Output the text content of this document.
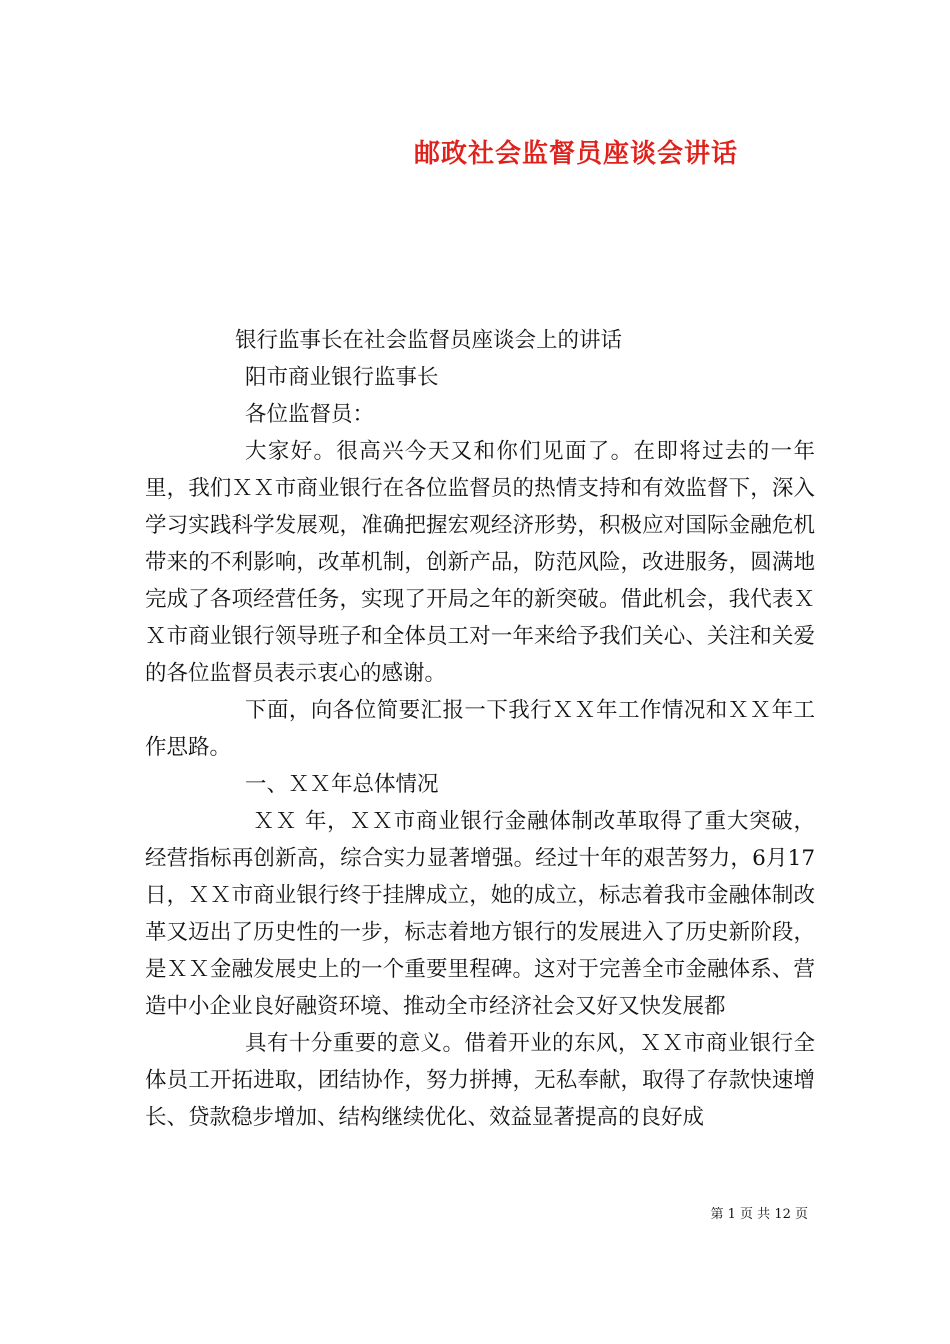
邮政社会监督员座谈会讲话

银行监事长在社会监督员座谈会上的讲话

阳市商业银行监事长

各位监督员：

大家好。很高兴今天又和你们见面了。在即将过去的一年里，我们ＸＸ市商业银行在各位监督员的热情支持和有效监督下，深入学习实践科学发展观，准确把握宏观经济形势，积极应对国际金融危机带来的不利影响，改革机制，创新产品，防范风险，改进服务，圆满地完成了各项经营任务，实现了开局之年的新突破。借此机会，我代表ＸＸ市商业银行领导班子和全体员工对一年来给予我们关心、关注和关爱的各位监督员表示衷心的感谢。

下面，向各位简要汇报一下我行ＸＸ年工作情况和ＸＸ年工作思路。

一、ＸＸ年总体情况

ＸＸ 年，ＸＸ市商业银行金融体制改革取得了重大突破，经营指标再创新高，综合实力显著增强。经过十年的艰苦努力，6月17日，ＸＸ市商业银行终于挂牌成立，她的成立，标志着我市金融体制改革又迈出了历史性的一步，标志着地方银行的发展进入了历史新阶段，是ＸＸ金融发展史上的一个重要里程碑。这对于完善全市金融体系、营造中小企业良好融资环境、推动全市经济社会又好又快发展都

具有十分重要的意义。借着开业的东风，ＸＸ市商业银行全体员工开拓进取，团结协作，努力拼搏，无私奉献，取得了存款快速增长、贷款稳步增加、结构继续优化、效益显著提高的良好成

第 1 页 共 12 页
